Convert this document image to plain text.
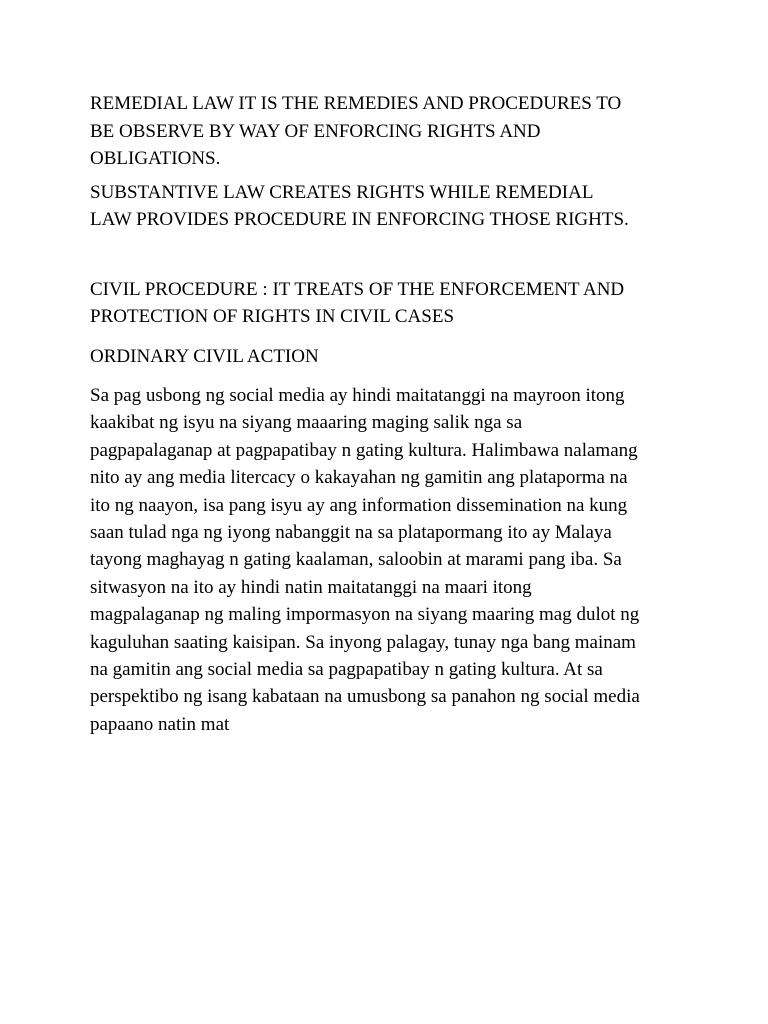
REMEDIAL LAW IT IS THE REMEDIES AND PROCEDURES TO
BE OBSERVE BY WAY OF ENFORCING RIGHTS AND
OBLIGATIONS.

SUBSTANTIVE LAW CREATES RIGHTS WHILE REMEDIAL
LAW PROVIDES PROCEDURE IN ENFORCING THOSE RIGHTS.

CIVIL PROCEDURE : IT TREATS OF THE ENFORCEMENT AND
PROTECTION OF RIGHTS IN CIVIL CASES

ORDINARY CIVIL ACTION

Sa pag usbong ng social media ay hindi maitatanggi na mayroon itong
kaakibat ng isyu na siyang maaaring maging salik nga sa
pagpapalaganap at pagpapatibay n gating kultura. Halimbawa nalamang
nito ay ang media litercacy o kakayahan ng gamitin ang plataporma na
ito ng naayon, isa pang isyu ay ang information dissemination na kung
saan tulad nga ng iyong nabanggit na sa platapormang ito ay Malaya
tayong maghayag n gating kaalaman, saloobin at marami pang iba. Sa
sitwasyon na ito ay hindi natin maitatanggi na maari itong
magpalaganap ng maling impormasyon na siyang maaring mag dulot ng
kaguluhan saating kaisipan. Sa inyong palagay, tunay nga bang mainam
na gamitin ang social media sa pagpapatibay n gating kultura. At sa
perspektibo ng isang kabataan na umusbong sa panahon ng social media
papaano natin mat
